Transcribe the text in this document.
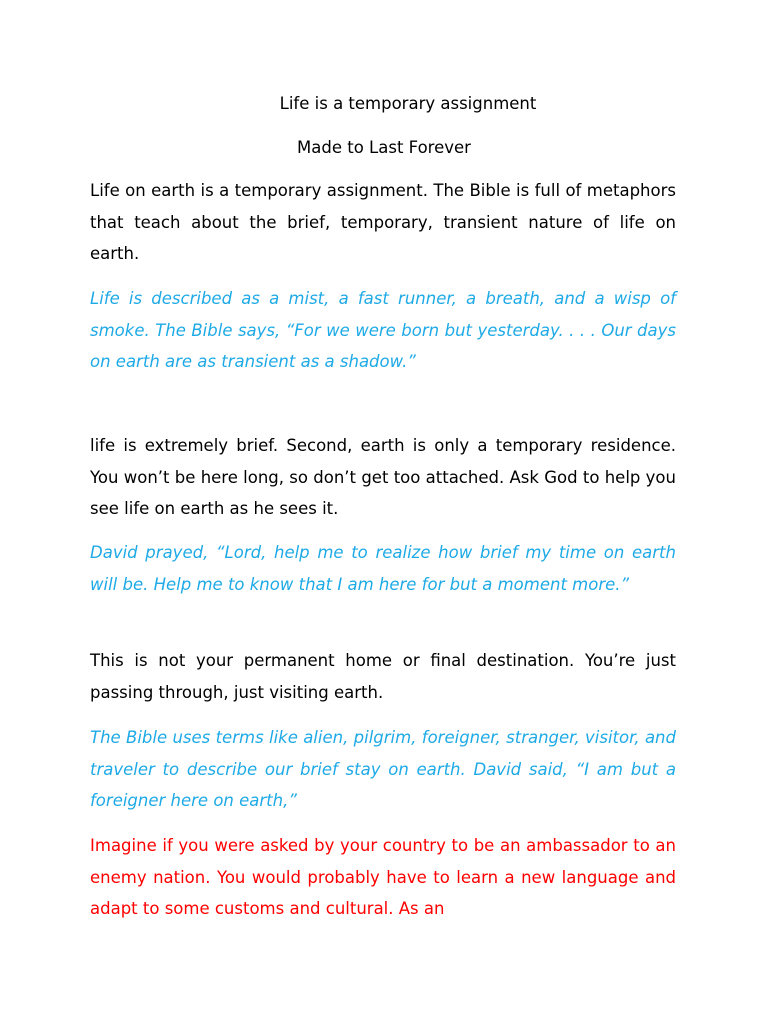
Life is a temporary assignment
Made to Last Forever

Life on earth is a temporary assignment. The Bible is full of metaphors that teach about the brief, temporary, transient nature of life on earth.

Life is described as a mist, a fast runner, a breath, and a wisp of smoke. The Bible says, “For we were born but yesterday. . . . Our days on earth are as transient as a shadow.”

life is extremely brief. Second, earth is only a temporary residence. You won’t be here long, so don’t get too attached. Ask God to help you see life on earth as he sees it.

David prayed, “Lord, help me to realize how brief my time on earth will be. Help me to know that I am here for but a moment more.”

This is not your permanent home or final destination. You’re just passing through, just visiting earth.

The Bible uses terms like alien, pilgrim, foreigner, stranger, visitor, and traveler to describe our brief stay on earth. David said, “I am but a foreigner here on earth,”

Imagine if you were asked by your country to be an ambassador to an enemy nation. You would probably have to learn a new language and adapt to some customs and cultural. As an
